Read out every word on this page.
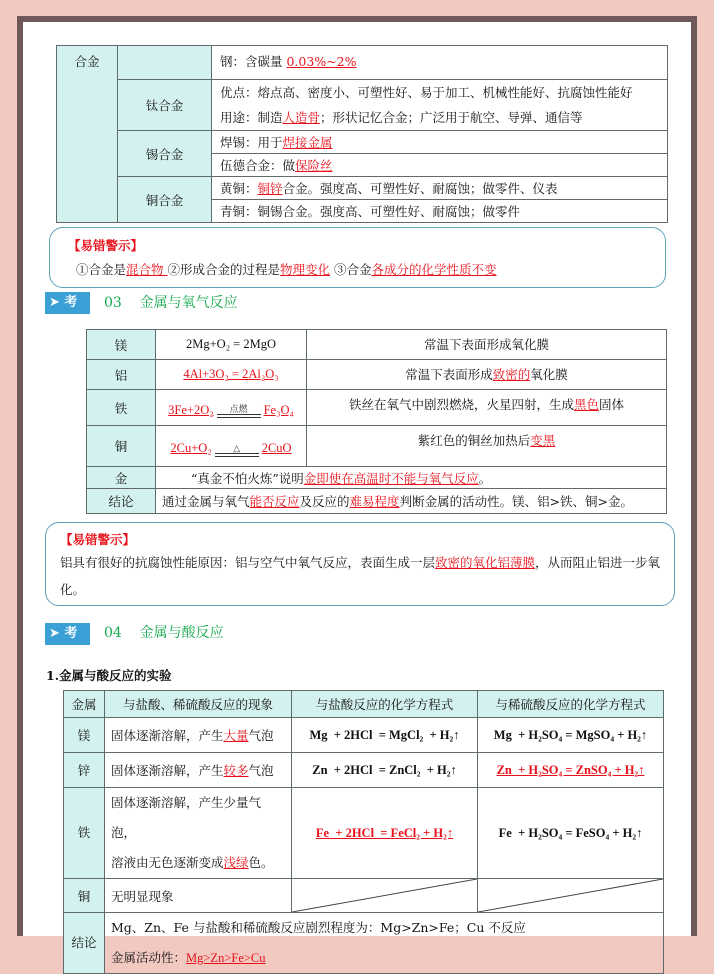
合金		钢：含碳量 0.03%~2%
	钛合金	优点：熔点高、密度小、可塑性好、易于加工、机械性能好、抗腐蚀性能好
用途：制造人造骨；形状记忆合金；广泛用于航空、导弹、通信等

	锡合金	焊锡：用于焊接金属
		伍德合金：做保险丝
	铜合金	黄铜：铜锌合金。强度高、可塑性好、耐腐蚀；做零件、仪表
		青铜：铜锡合金。强度高、可塑性好、耐腐蚀；做零件
【易错警示】
①合金是混合物 ②形成合金的过程是物理变化 ③合金各成分的化学性质不变
➤ 考点
03 金属与氧气反应
镁	2Mg+O₂ = 2MgO	常温下表面形成氧化膜
铝	4Al+3O₂ = 2Al₂O₃	常温下表面形成致密的氧化膜
铁	3Fe+2O₂ 点燃 Fe₃O₄	铁丝在氧气中剧烈燃烧，火星四射，生成黑色固体
铜	2Cu+O₂ △ 2CuO	紫红色的铜丝加热后变黑
金	“真金不怕火炼”说明金即使在高温时不能与氧气反应。	
结论	通过金属与氧气能否反应及反应的难易程度判断金属的活动性。镁、铝>铁、铜>金。	
【易错警示】
铝具有很好的抗腐蚀性能原因：铝与空气中氧气反应，表面生成一层致密的氧化铝薄膜，从而阻止铝进一步氧化。
➤ 考点
04 金属与酸反应
1.金属与酸反应的实验
金属	与盐酸、稀硫酸反应的现象	与盐酸反应的化学方程式	与稀硫酸反应的化学方程式
镁	固体逐渐溶解，产生大量气泡	Mg  + 2HCl  = MgCl₂  + H₂↑	Mg  + H₂SO₄ = MgSO₄ + H₂↑
锌	固体逐渐溶解，产生较多气泡	Zn  + 2HCl  = ZnCl₂  + H₂↑	Zn  + H₂SO₄ = ZnSO₄ + H₂↑
铁	固体逐渐溶解，产生少量气泡，
溶液由无色逐渐变成浅绿色。	Fe  + 2HCl  = FeCl₂ + H₂↑	Fe  + H₂SO₄ = FeSO₄ + H₂↑
铜	无明显现象

结论	Mg、Zn、Fe 与盐酸和稀硫酸反应剧烈程度为：Mg>Zn>Fe；Cu 不反应
金属活动性：Mg>Zn>Fe>Cu		
